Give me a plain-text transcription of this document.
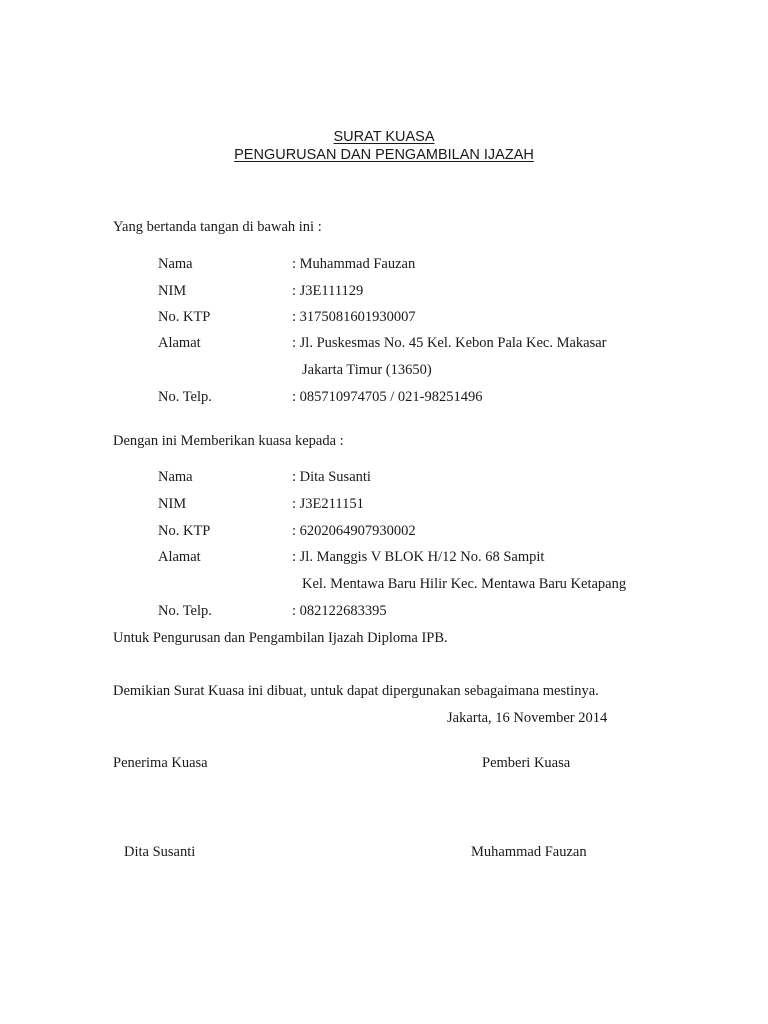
SURAT KUASA
PENGURUSAN DAN PENGAMBILAN IJAZAH
Yang bertanda tangan di bawah ini :
Nama	: Muhammad Fauzan
NIM	: J3E111129
No. KTP	: 3175081601930007
Alamat	: Jl. Puskesmas No. 45 Kel. Kebon Pala Kec. Makasar
Jakarta Timur (13650)
No. Telp.	: 085710974705 / 021-98251496
Dengan ini Memberikan kuasa kepada :
Nama	: Dita Susanti
NIM	: J3E211151
No. KTP	: 6202064907930002
Alamat	: Jl. Manggis V BLOK H/12 No. 68 Sampit
Kel. Mentawa Baru Hilir Kec. Mentawa Baru Ketapang
No. Telp.	: 082122683395
Untuk Pengurusan dan Pengambilan Ijazah Diploma IPB.
Demikian Surat Kuasa ini dibuat, untuk dapat dipergunakan sebagaimana mestinya.
Jakarta, 16 November 2014
Penerima Kuasa	Pemberi Kuasa
Dita Susanti	Muhammad Fauzan
